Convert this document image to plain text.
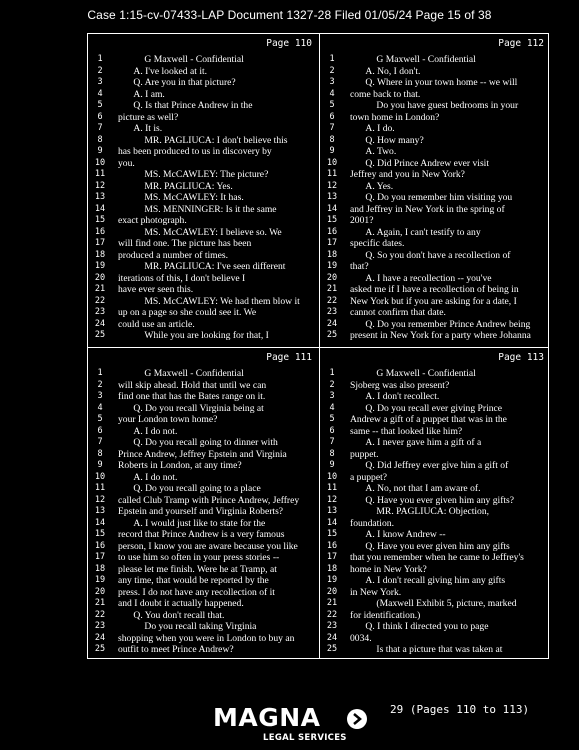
Case 1:15-cv-07433-LAP Document 1327-28 Filed 01/05/24 Page 15 of 38
Page 110
1	G Maxwell - Confidential
2	A. I've looked at it.
3	Q. Are you in that picture?
4	A. I am.
5	Q. Is that Prince Andrew in the
6	picture as well?
7	A. It is.
8	MR. PAGLIUCA: I don't believe this
9	has been produced to us in discovery by
10	you.
11	MS. McCAWLEY: The picture?
12	MR. PAGLIUCA: Yes.
13	MS. McCAWLEY: It has.
14	MS. MENNINGER: Is it the same
15	exact photograph.
16	MS. McCAWLEY: I believe so. We
17	will find one. The picture has been
18	produced a number of times.
19	MR. PAGLIUCA: I've seen different
20	iterations of this, I don't believe I
21	have ever seen this.
22	MS. McCAWLEY: We had them blow it
23	up on a page so she could see it. We
24	could use an article.
25	While you are looking for that, I
Page 112
1	G Maxwell - Confidential
2	A. No, I don't.
3	Q. Where in your town home -- we will
4	come back to that.
5	Do you have guest bedrooms in your
6	town home in London?
7	A. I do.
8	Q. How many?
9	A. Two.
10	Q. Did Prince Andrew ever visit
11	Jeffrey and you in New York?
12	A. Yes.
13	Q. Do you remember him visiting you
14	and Jeffrey in New York in the spring of
15	2001?
16	A. Again, I can't testify to any
17	specific dates.
18	Q. So you don't have a recollection of
19	that?
20	A. I have a recollection -- you've
21	asked me if I have a recollection of being in
22	New York but if you are asking for a date, I
23	cannot confirm that date.
24	Q. Do you remember Prince Andrew being
25	present in New York for a party where Johanna
Page 111
1	G Maxwell - Confidential
2	will skip ahead. Hold that until we can
3	find one that has the Bates range on it.
4	Q. Do you recall Virginia being at
5	your London town home?
6	A. I do not.
7	Q. Do you recall going to dinner with
8	Prince Andrew, Jeffrey Epstein and Virginia
9	Roberts in London, at any time?
10	A. I do not.
11	Q. Do you recall going to a place
12	called Club Tramp with Prince Andrew, Jeffrey
13	Epstein and yourself and Virginia Roberts?
14	A. I would just like to state for the
15	record that Prince Andrew is a very famous
16	person, I know you are aware because you like
17	to use him so often in your press stories --
18	please let me finish. Were he at Tramp, at
19	any time, that would be reported by the
20	press. I do not have any recollection of it
21	and I doubt it actually happened.
22	Q. You don't recall that.
23	Do you recall taking Virginia
24	shopping when you were in London to buy an
25	outfit to meet Prince Andrew?
Page 113
1	G Maxwell - Confidential
2	Sjoberg was also present?
3	A. I don't recollect.
4	Q. Do you recall ever giving Prince
5	Andrew a gift of a puppet that was in the
6	same -- that looked like him?
7	A. I never gave him a gift of a
8	puppet.
9	Q. Did Jeffrey ever give him a gift of
10	a puppet?
11	A. No, not that I am aware of.
12	Q. Have you ever given him any gifts?
13	MR. PAGLIUCA: Objection,
14	foundation.
15	A. I know Andrew --
16	Q. Have you ever given him any gifts
17	that you remember when he came to Jeffrey's
18	home in New York?
19	A. I don't recall giving him any gifts
20	in New York.
21	(Maxwell Exhibit 5, picture, marked
22	for identification.)
23	Q. I think I directed you to page
24	0034.
25	Is that a picture that was taken at
MAGNA
LEGAL SERVICES
29 (Pages 110 to 113)
